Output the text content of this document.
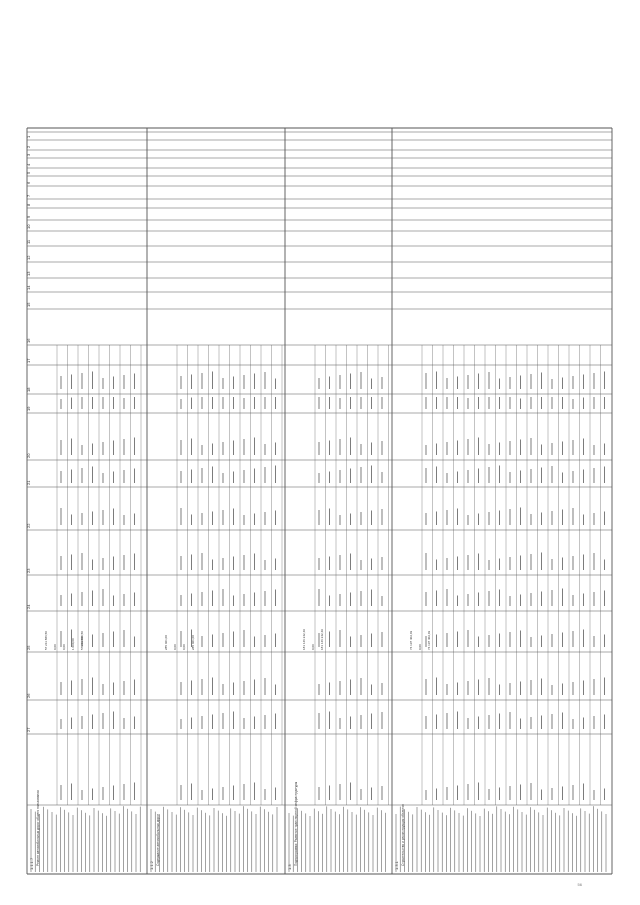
1
2
3
4
5
6
7
8
9
10
11
12
13
14
15
16
17
18
19
20
21
22
23
24
25
26
27
1.1.1.7 Ремонт автомобильных дорог общего пользования
57 211 886,50 0,00 0,00 1 000,00 57 211 886,50
1.1.2 Содержание автомобильных дорог
285 401,00 0,00 0,00 285 401,00
1.3
Подпрограмма: Развитие транспортной инфраструктуры
181 146 242,49 0,00 181 146 242,49
1.3.1 Строительство и реконструкция объектов
74 197 402,03 0,00 74 197 402,03
56
